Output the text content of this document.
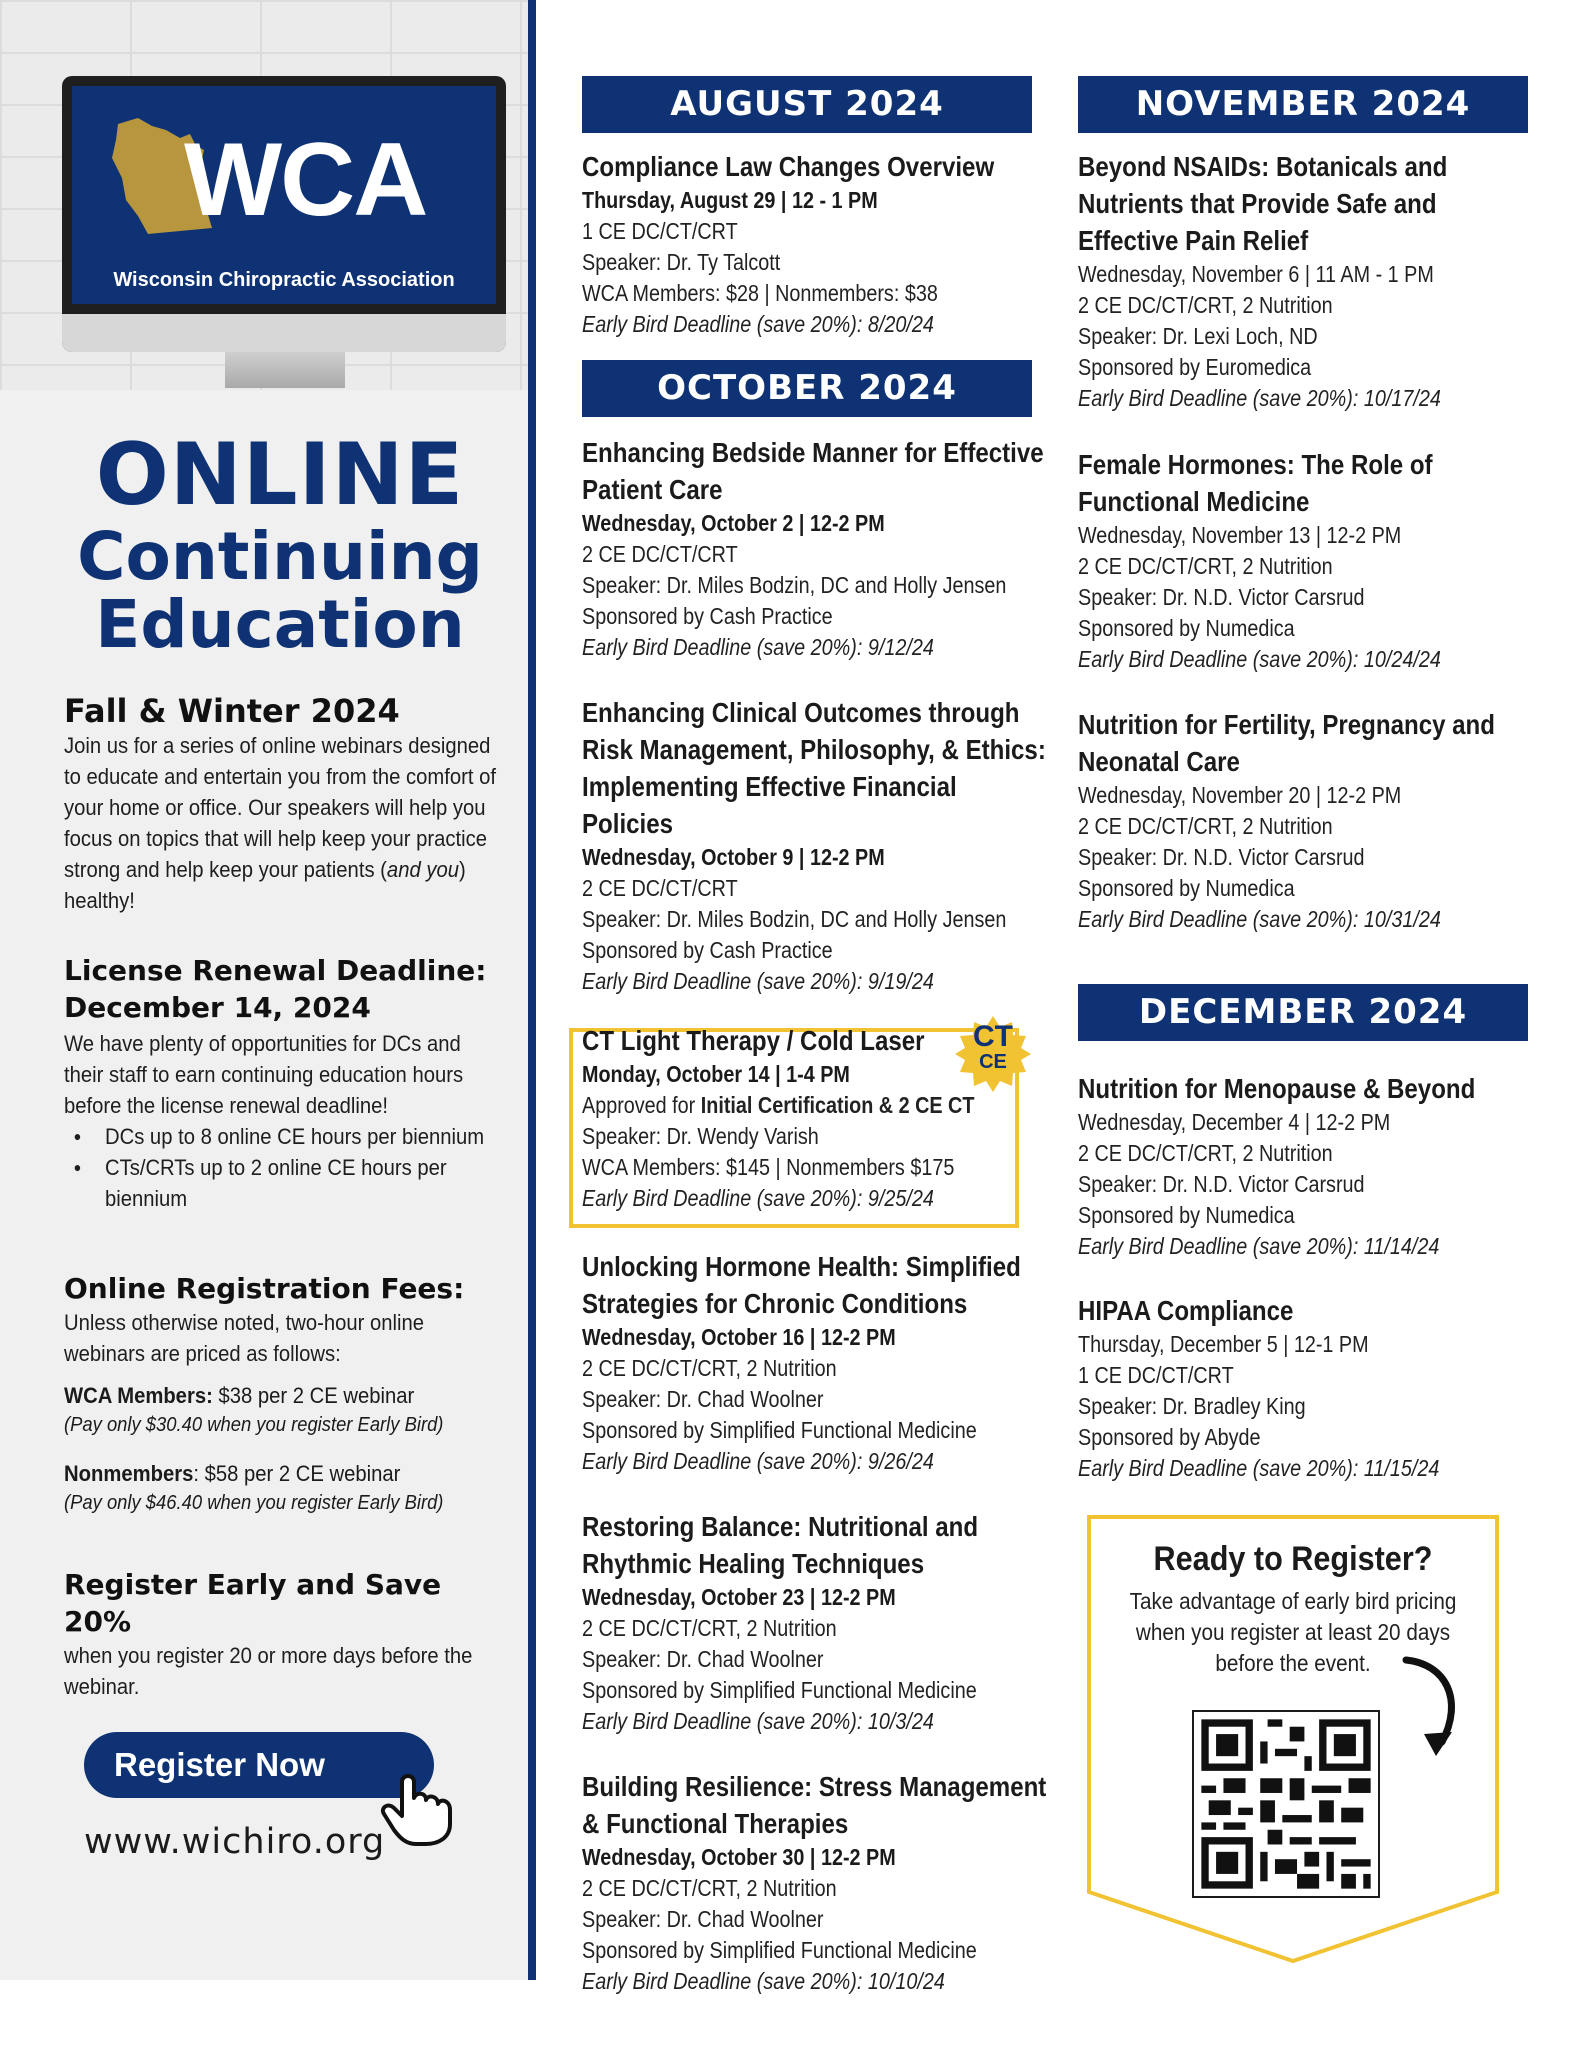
WCA
Wisconsin Chiropractic Association
ONLINE
Continuing
Education
Fall & Winter 2024
Join us for a series of online webinars designed to educate and entertain you from the comfort of your home or office. Our speakers will help you focus on topics that will help keep your practice strong and help keep your patients (and you) healthy!
License Renewal Deadline: December 14, 2024
We have plenty of opportunities for DCs and their staff to earn continuing education hours before the license renewal deadline!
● DCs up to 8 online CE hours per biennium
● CTs/CRTs up to 2 online CE hours per biennium
Online Registration Fees:
Unless otherwise noted, two-hour online webinars are priced as follows:
WCA Members: $38 per 2 CE webinar
(Pay only $30.40 when you register Early Bird)
Nonmembers: $58 per 2 CE webinar
(Pay only $46.40 when you register Early Bird)
Register Early and Save 20%
when you register 20 or more days before the webinar.
Register Now
www.wichiro.org
AUGUST 2024
Compliance Law Changes Overview
Thursday, August 29 | 12 - 1 PM
1 CE DC/CT/CRT
Speaker: Dr. Ty Talcott
WCA Members: $28 | Nonmembers: $38
Early Bird Deadline (save 20%): 8/20/24
OCTOBER 2024
Enhancing Bedside Manner for Effective Patient Care
Wednesday, October 2 | 12-2 PM
2 CE DC/CT/CRT
Speaker: Dr. Miles Bodzin, DC and Holly Jensen
Sponsored by Cash Practice
Early Bird Deadline (save 20%): 9/12/24
Enhancing Clinical Outcomes through Risk Management, Philosophy, & Ethics: Implementing Effective Financial Policies
Wednesday, October 9 | 12-2 PM
2 CE DC/CT/CRT
Speaker: Dr. Miles Bodzin, DC and Holly Jensen
Sponsored by Cash Practice
Early Bird Deadline (save 20%): 9/19/24
CT
CE
CT Light Therapy / Cold Laser
Monday, October 14 | 1-4 PM
Approved for Initial Certification & 2 CE CT
Speaker: Dr. Wendy Varish
WCA Members: $145 | Nonmembers $175
Early Bird Deadline (save 20%): 9/25/24
Unlocking Hormone Health: Simplified Strategies for Chronic Conditions
Wednesday, October 16 | 12-2 PM
2 CE DC/CT/CRT, 2 Nutrition
Speaker: Dr. Chad Woolner
Sponsored by Simplified Functional Medicine
Early Bird Deadline (save 20%): 9/26/24
Restoring Balance: Nutritional and Rhythmic Healing Techniques
Wednesday, October 23 | 12-2 PM
2 CE DC/CT/CRT, 2 Nutrition
Speaker: Dr. Chad Woolner
Sponsored by Simplified Functional Medicine
Early Bird Deadline (save 20%): 10/3/24
Building Resilience: Stress Management & Functional Therapies
Wednesday, October 30 | 12-2 PM
2 CE DC/CT/CRT, 2 Nutrition
Speaker: Dr. Chad Woolner
Sponsored by Simplified Functional Medicine
Early Bird Deadline (save 20%): 10/10/24
NOVEMBER 2024
Beyond NSAIDs: Botanicals and Nutrients that Provide Safe and Effective Pain Relief
Wednesday, November 6 | 11 AM - 1 PM
2 CE DC/CT/CRT, 2 Nutrition
Speaker: Dr. Lexi Loch, ND
Sponsored by Euromedica
Early Bird Deadline (save 20%): 10/17/24
Female Hormones: The Role of Functional Medicine
Wednesday, November 13 | 12-2 PM
2 CE DC/CT/CRT, 2 Nutrition
Speaker: Dr. N.D. Victor Carsrud
Sponsored by Numedica
Early Bird Deadline (save 20%): 10/24/24
Nutrition for Fertility, Pregnancy and Neonatal Care
Wednesday, November 20 | 12-2 PM
2 CE DC/CT/CRT, 2 Nutrition
Speaker: Dr. N.D. Victor Carsrud
Sponsored by Numedica
Early Bird Deadline (save 20%): 10/31/24
DECEMBER 2024
Nutrition for Menopause & Beyond
Wednesday, December 4 | 12-2 PM
2 CE DC/CT/CRT, 2 Nutrition
Speaker: Dr. N.D. Victor Carsrud
Sponsored by Numedica
Early Bird Deadline (save 20%): 11/14/24
HIPAA Compliance
Thursday, December 5 | 12-1 PM
1 CE DC/CT/CRT
Speaker: Dr. Bradley King
Sponsored by Abyde
Early Bird Deadline (save 20%): 11/15/24
Ready to Register?
Take advantage of early bird pricing when you register at least 20 days before the event.
